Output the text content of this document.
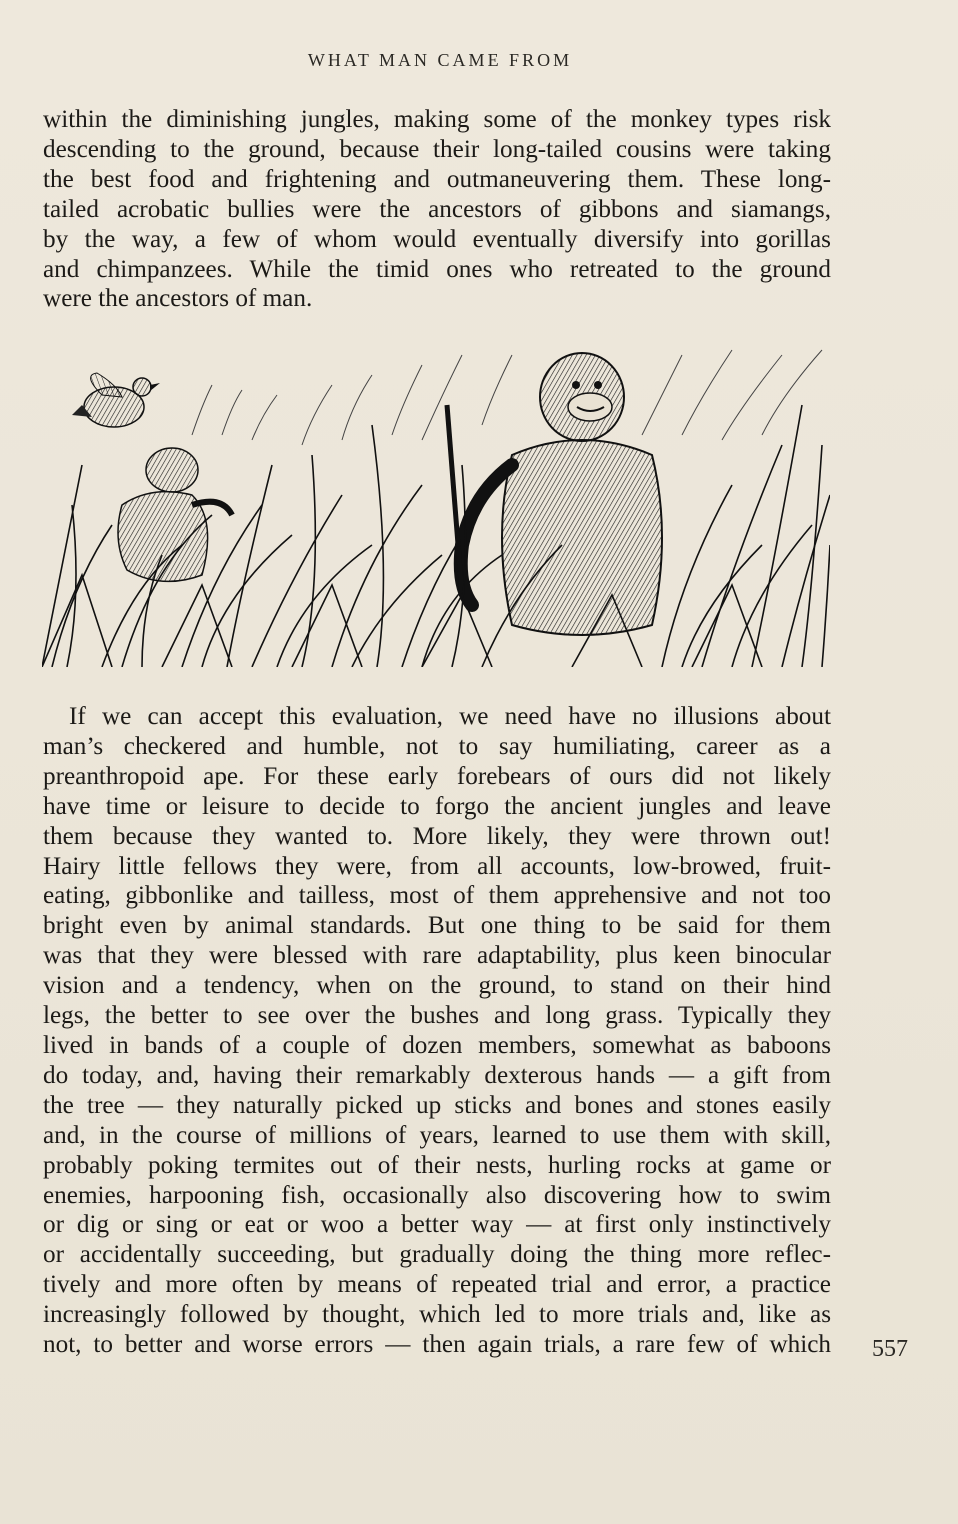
WHAT MAN CAME FROM
within the diminishing jungles, making some of the monkey types risk
descending to the ground, because their long-tailed cousins were taking
the best food and frightening and outmaneuvering them. These long-
tailed acrobatic bullies were the ancestors of gibbons and siamangs,
by the way, a few of whom would eventually diversify into gorillas
and chimpanzees. While the timid ones who retreated to the ground
were the ancestors of man.
If we can accept this evaluation, we need have no illusions about
man’s checkered and humble, not to say humiliating, career as a
preanthropoid ape. For these early forebears of ours did not likely
have time or leisure to decide to forgo the ancient jungles and leave
them because they wanted to. More likely, they were thrown out!
Hairy little fellows they were, from all accounts, low-browed, fruit-
eating, gibbonlike and tailless, most of them apprehensive and not too
bright even by animal standards. But one thing to be said for them
was that they were blessed with rare adaptability, plus keen binocular
vision and a tendency, when on the ground, to stand on their hind
legs, the better to see over the bushes and long grass. Typically they
lived in bands of a couple of dozen members, somewhat as baboons
do today, and, having their remarkably dexterous hands — a gift from
the tree — they naturally picked up sticks and bones and stones easily
and, in the course of millions of years, learned to use them with skill,
probably poking termites out of their nests, hurling rocks at game or
enemies, harpooning fish, occasionally also discovering how to swim
or dig or sing or eat or woo a better way — at first only instinctively
or accidentally succeeding, but gradually doing the thing more reflec-
tively and more often by means of repeated trial and error, a practice
increasingly followed by thought, which led to more trials and, like as
not, to better and worse errors — then again trials, a rare few of which 557
